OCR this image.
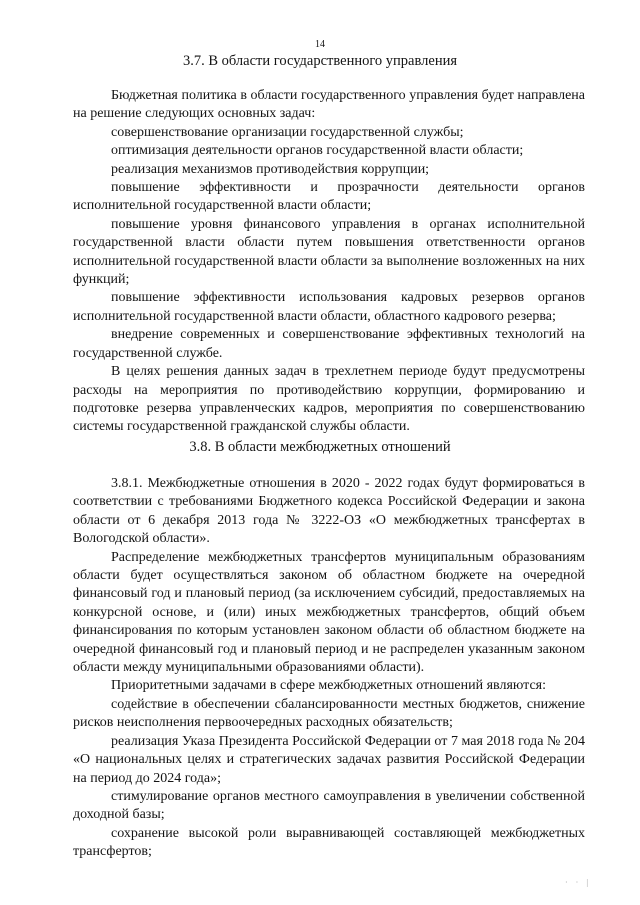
14
3.7. В области государственного управления

Бюджетная политика в области государственного управления будет направлена на решение следующих основных задач:

совершенствование организации государственной службы;

оптимизация деятельности органов государственной власти области;

реализация механизмов противодействия коррупции;

повышение эффективности и прозрачности деятельности органов исполнительной государственной власти области;

повышение уровня финансового управления в органах исполнительной государственной власти области путем повышения ответственности органов исполнительной государственной власти области за выполнение возложенных на них функций;

повышение эффективности использования кадровых резервов органов исполнительной государственной власти области, областного кадрового резерва;

внедрение современных и совершенствование эффективных технологий на государственной службе.

В целях решения данных задач в трехлетнем периоде будут предусмотрены расходы на мероприятия по противодействию коррупции, формированию и подготовке резерва управленческих кадров, мероприятия по совершенствованию системы государственной гражданской службы области.

3.8. В области межбюджетных отношений

3.8.1. Межбюджетные отношения в 2020 - 2022 годах будут формироваться в соответствии с требованиями Бюджетного кодекса Российской Федерации и закона области от 6 декабря 2013 года № 3222-ОЗ «О межбюджетных трансфертах в Вологодской области».

Распределение межбюджетных трансфертов муниципальным образованиям области будет осуществляться законом об областном бюджете на очередной финансовый год и плановый период (за исключением субсидий, предоставляемых на конкурсной основе, и (или) иных межбюджетных трансфертов, общий объем финансирования по которым установлен законом области об областном бюджете на очередной финансовый год и плановый период и не распределен указанным законом области между муниципальными образованиями области).

Приоритетными задачами в сфере межбюджетных отношений являются:

содействие в обеспечении сбалансированности местных бюджетов, снижение рисков неисполнения первоочередных расходных обязательств;

реализация Указа Президента Российской Федерации от 7 мая 2018 года № 204 «О национальных целях и стратегических задачах развития Российской Федерации на период до 2024 года»;

стимулирование органов местного самоуправления в увеличении собственной доходной базы;

сохранение высокой роли выравнивающей составляющей межбюджетных трансфертов;

· · |
